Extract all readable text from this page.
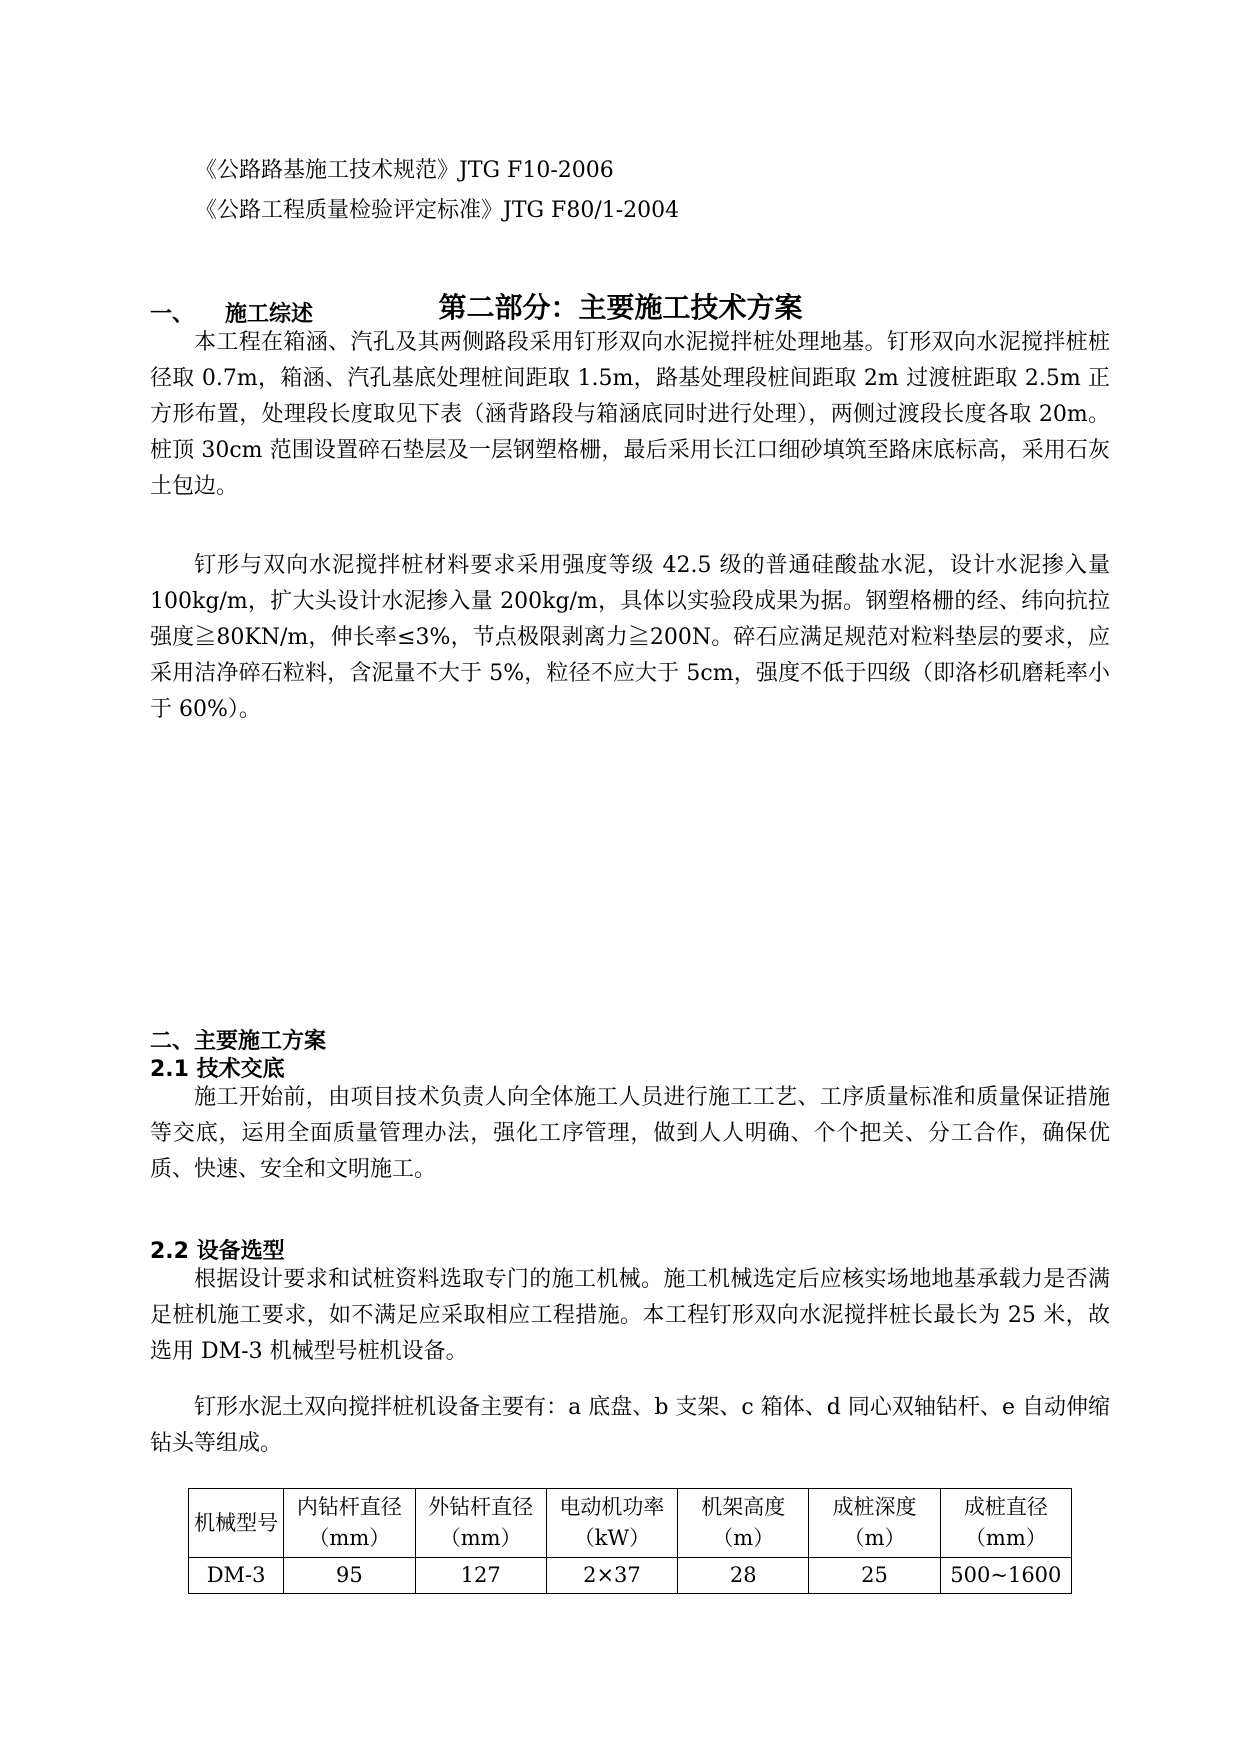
《公路路基施工技术规范》JTG F10-2006
《公路工程质量检验评定标准》JTG F80/1-2004
第二部分：主要施工技术方案
一、 施工综述
本工程在箱涵、汽孔及其两侧路段采用钉形双向水泥搅拌桩处理地基。钉形双向水泥搅拌桩桩径取 0.7m，箱涵、汽孔基底处理桩间距取 1.5m，路基处理段桩间距取 2m 过渡桩距取 2.5m 正方形布置，处理段长度取见下表（涵背路段与箱涵底同时进行处理），两侧过渡段长度各取 20m。桩顶 30cm 范围设置碎石垫层及一层钢塑格栅，最后采用长江口细砂填筑至路床底标高，采用石灰土包边。
钉形与双向水泥搅拌桩材料要求采用强度等级 42.5 级的普通硅酸盐水泥，设计水泥掺入量 100kg/m，扩大头设计水泥掺入量 200kg/m，具体以实验段成果为据。钢塑格栅的经、纬向抗拉强度≧80KN/m，伸长率≤3%，节点极限剥离力≧200N。碎石应满足规范对粒料垫层的要求，应采用洁净碎石粒料，含泥量不大于 5%，粒径不应大于 5cm，强度不低于四级（即洛杉矶磨耗率小于 60%）。
二、主要施工方案
2.1 技术交底
施工开始前，由项目技术负责人向全体施工人员进行施工工艺、工序质量标准和质量保证措施等交底，运用全面质量管理办法，强化工序管理，做到人人明确、个个把关、分工合作，确保优质、快速、安全和文明施工。
2.2 设备选型
根据设计要求和试桩资料选取专门的施工机械。施工机械选定后应核实场地地基承载力是否满足桩机施工要求，如不满足应采取相应工程措施。本工程钉形双向水泥搅拌桩长最长为 25 米，故选用 DM-3 机械型号桩机设备。
钉形水泥土双向搅拌桩机设备主要有：a 底盘、b 支架、c 箱体、d 同心双轴钻杆、e 自动伸缩钻头等组成。
机械型号	内钻杆直径（mm）	外钻杆直径（mm）	电动机功率（kW）	机架高度（m）	成桩深度（m）	成桩直径（mm）
DM-3	95	127	2×37	28	25	500~1600
